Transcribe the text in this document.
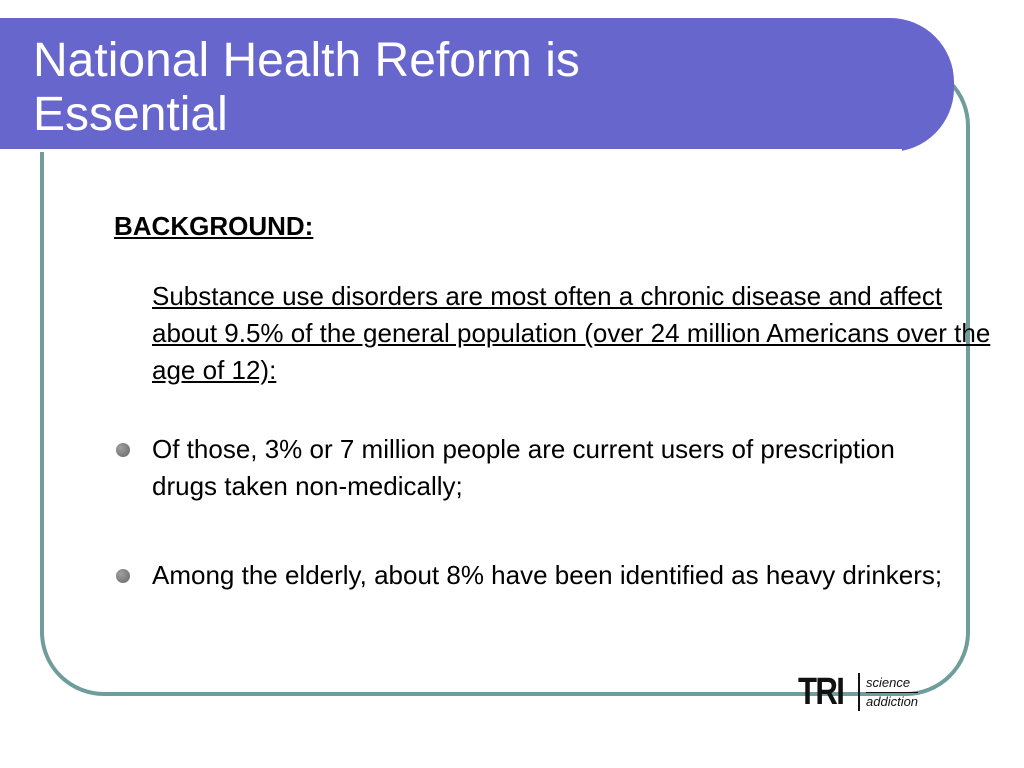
National Health Reform is
Essential

BACKGROUND:

Substance use disorders are most often a chronic disease and affect about 9.5% of the general population (over 24 million Americans over the age of 12):

Of those, 3% or 7 million people are current users of prescription drugs taken non-medically;
Among the elderly, about 8% have been identified as heavy drinkers;
TRI science
addiction
